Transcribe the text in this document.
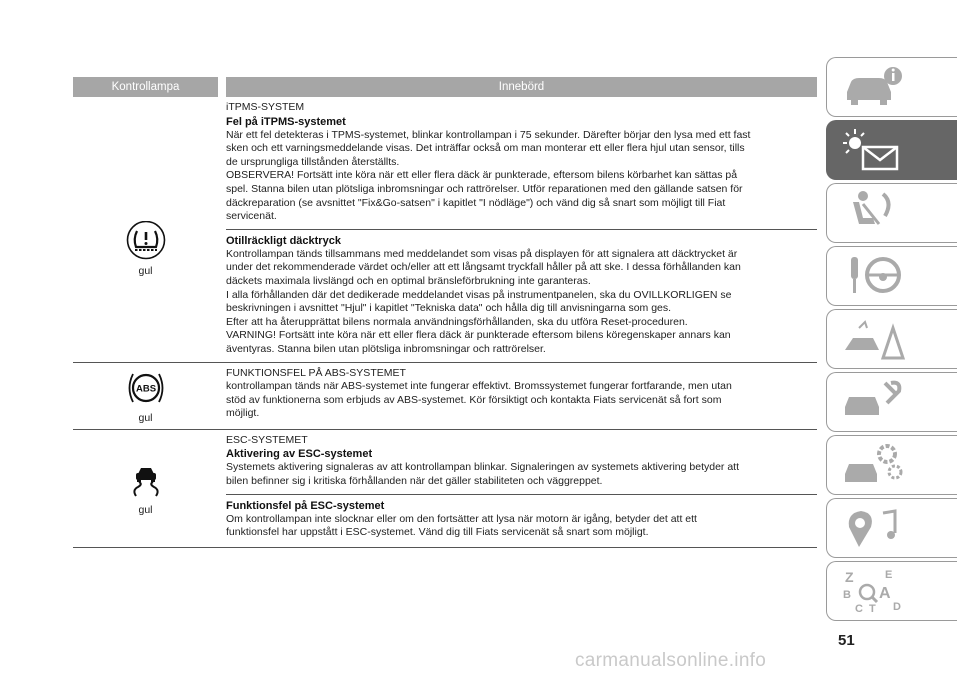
Kontrollampa	Innebörd
gul
iTPMS-SYSTEM
Fel på iTPMS-systemet
När ett fel detekteras i TPMS-systemet, blinkar kontrollampan i 75 sekunder. Därefter börjar den lysa med ett fast
sken och ett varningsmeddelande visas. Det inträffar också om man monterar ett eller flera hjul utan sensor, tills
de ursprungliga tillstånden återställts.
OBSERVERA! Fortsätt inte köra när ett eller flera däck är punkterade, eftersom bilens körbarhet kan sättas på
spel. Stanna bilen utan plötsliga inbromsningar och rattrörelser. Utför reparationen med den gällande satsen för
däckreparation (se avsnittet "Fix&Go-satsen" i kapitlet "I nödläge") och vänd dig så snart som möjligt till Fiat
servicenät.
Otillräckligt däcktryck
Kontrollampan tänds tillsammans med meddelandet som visas på displayen för att signalera att däcktrycket är
under det rekommenderade värdet och/eller att ett långsamt tryckfall håller på att ske. I dessa förhållanden kan
däckets maximala livslängd och en optimal bränsleförbrukning inte garanteras.
I alla förhållanden där det dedikerade meddelandet visas på instrumentpanelen, ska du OVILLKORLIGEN se
beskrivningen i avsnittet "Hjul" i kapitlet "Tekniska data" och hålla dig till anvisningarna som ges.
Efter att ha återupprättat bilens normala användningsförhållanden, ska du utföra Reset-proceduren.
VARNING! Fortsätt inte köra när ett eller flera däck är punkterade eftersom bilens köregenskaper annars kan
äventyras. Stanna bilen utan plötsliga inbromsningar och rattrörelser.
ABS
gul
FUNKTIONSFEL PÅ ABS-SYSTEMET
kontrollampan tänds när ABS-systemet inte fungerar effektivt. Bromssystemet fungerar fortfarande, men utan
stöd av funktionerna som erbjuds av ABS-systemet. Kör försiktigt och kontakta Fiats servicenät så fort som
möjligt.
gul
ESC-SYSTEMET
Aktivering av ESC-systemet
Systemets aktivering signaleras av att kontrollampan blinkar. Signaleringen av systemets aktivering betyder att
bilen befinner sig i kritiska förhållanden när det gäller stabiliteten och väggreppet.
Funktionsfel på ESC-systemet
Om kontrollampan inte slocknar eller om den fortsätter att lysa när motorn är igång, betyder det att ett
funktionsfel har uppstått i ESC-systemet. Vänd dig till Fiats servicenät så snart som möjligt.
Z	E
B A
C T D
51
carmanualsonline.info
